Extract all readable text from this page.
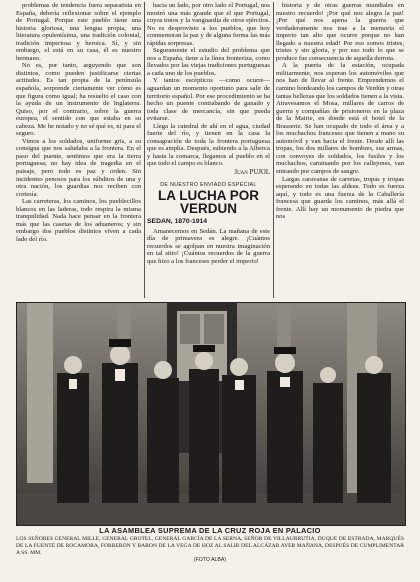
problemas de tendencia fuera separatista en España, debería reflexionar sobre el ejemplo de Portugal. Porque este pueblo tiene una historia gloriosa, una lengua propia, una literatura opulentísima, una tradición colonial, tradición imperiosa y heroica. Sí, y sin embargo, el está en su casa, él es nuestro hermano.

No es, por tanto, arguyendo que son distintos, como pueden justificarse ciertas actitudes. Es tan propia de la península española, sorprende ciertamente ver cómo es que figura como igual; ha resuelto el caso con la ayuda de un instrumento de Inglaterra. Quiso, por el contrario, sobre la guerra europea, el sentido con que estaba en su cabeza. Me he notado y no sé qué es, ni para el seguro.

Vimos a los soldados, uniforme gris, a su consigna que nos saludaba a la frontera. En el paso del puente, sentimos que era la tierra portuguesa; no hay idea de tragedia en el paisaje, pero todo es paz y orden. Sin incidentes penosos para los súbditos de una y otra nación, los guardias nos reciben con cortesía.

Las carreteras, los caminos, los pueblecillos blancos en las laderas, todo respira la misma tranquilidad. Nada hace pensar en la frontera más que las casetas de los aduaneros; y sin embargo dos pueblos distintos viven a cada lado del río.

hacia un lado, por otro lado el Portugal, nos mostró una más grande que el que Portugal, cuyos tonos y la vanguardia de otros ejércitos. No es desprovisto a los pueblos, que hoy conmemoran la paz y de alguna forma las más rápidas sorpresas.

Seguramente el estudio del problema que nos a España, tiene a la línea fronteriza, como llevados por las viejas tradiciones portuguesas a cada uno de los pueblos.

Y tantos escépticos —como ocurre— aguardan un momento oportuno para salir de territorio español. Por ese procedimiento se ha hecho un puente contrabando de ganado y toda clase de mercancía, sin que pueda evitarse.

Llega la catedral de ahí en el agua, ciudad fuerte del río, y tienen en la casa la consagración de toda la frontera portuguesa que es amplia. Después, subiendo a la Alberca y hasta la comarca, llegamos al pueblo en el que todo el campo es blanco.

Juan PUJOL
DE NUESTRO ENVIADO ESPECIAL
LA LUCHA POR VERDUN
SEDAN, 1870-1914

Amanecemos en Sedán. La mañana de este día de primavera es alegre. ¡Cuántos recuerdos se agolpan en nuestra imaginación en tal sitio! ¡Cuántos recuerdos de la guerra que hizo a los franceses perder el imperio!

historia y de otras guerras mundiales en nuestro recuerdo! ¡Por qué nos alegra la paz! ¡Por qué nos apena la guerra que verdaderamente nos trae a la memoria el imperio tan alto que ocurre porque no han llegado a nuestra edad! Por eso somos tristes, tristes y sin gloria, y por eso todo lo que se produce fue consecuencia de aquella derrota.

A la puerta de la estación, ocupada militarmente, nos esperan los automóviles que nos han de llevar al frente. Emprendemos el camino bordeando los campos de Verdún y otras tantas bellezas que los soldados tienen a la vista. Atravesamos el Mosa, millares de carros de guerra y compañías de prisioneros en la plaza de la Mairie, en donde está el hotel de la Brasserie. Se han ocupado de todo el área y a los muchachos franceses que tienen a mano su automóvil y van hacia el frente. Desde allí las tropas, los dos millares de hombres, sus armas, con convoyes de soldados, los fusiles y los muchachos, caminando por los callejones, van entrando por campos de sangre.

Largas caravanas de carretas, tropas y tropas esperando en todas las aldeas. Todo es fuerza aquí, y todo es una fuerza de la Caballería francesa que guarda los caminos, más allá el frente. Allí hay un monumento de piedra que nos

LA ASAMBLEA SUPREMA DE LA CRUZ ROJA EN PALACIO
LOS SEÑORES GENERAL MILLE, GENERAL GROTEL, GENERAL GARCÍA DE LA SERNA, SEÑOR DE VILLAURRUTIA, DUQUE DE ESTRADA, MARQUÉS DE LA FUENTE DE ROCAMORA, FORRERON Y BARON DE LA VEGA DE HOZ AL SALIR DEL ALCÁZAR AYER MAÑANA, DESPUÉS DE CUMPLIMENTAR A SS. MM.
(FOTO ALBA)
